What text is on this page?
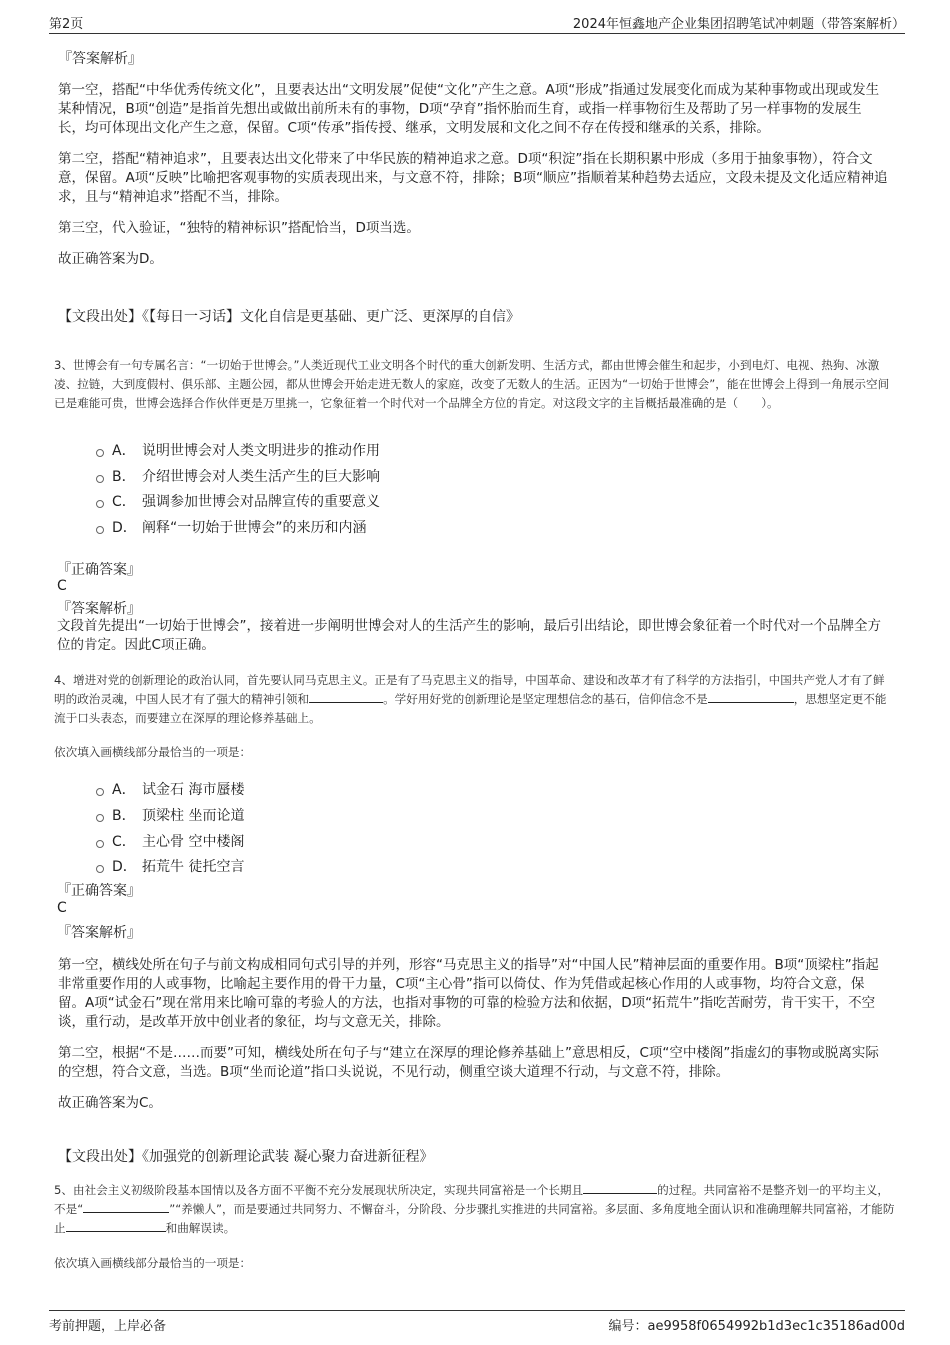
第2页	2024年恒鑫地产企业集团招聘笔试冲刺题（带答案解析）
『答案解析』

第一空，搭配“中华优秀传统文化”，且要表达出“文明发展”促使“文化”产生之意。A项“形成”指通过发展变化而成为某种事物或出现或发生某种情况，B项“创造”是指首先想出或做出前所未有的事物，D项“孕育”指怀胎而生育，或指一样事物衍生及帮助了另一样事物的发展生长，均可体现出文化产生之意，保留。C项“传承”指传授、继承，文明发展和文化之间不存在传授和继承的关系，排除。

第二空，搭配“精神追求”，且要表达出文化带来了中华民族的精神追求之意。D项“积淀”指在长期积累中形成（多用于抽象事物），符合文意，保留。A项“反映”比喻把客观事物的实质表现出来，与文意不符，排除；B项“顺应”指顺着某种趋势去适应，文段未提及文化适应精神追求，且与“精神追求”搭配不当，排除。

第三空，代入验证，“独特的精神标识”搭配恰当，D项当选。

故正确答案为D。

【文段出处】《【每日一习话】文化自信是更基础、更广泛、更深厚的自信》
3、世博会有一句专属名言：“一切始于世博会。”人类近现代工业文明各个时代的重大创新发明、生活方式，都由世博会催生和起步，小到电灯、电视、热狗、冰激凌、拉链，大到度假村、俱乐部、主题公园，都从世博会开始走进无数人的家庭，改变了无数人的生活。正因为“一切始于世博会”，能在世博会上得到一角展示空间已是难能可贵，世博会选择合作伙伴更是万里挑一，它象征着一个时代对一个品牌全方位的肯定。对这段文字的主旨概括最准确的是（　　）。
A． 说明世博会对人类文明进步的推动作用
B． 介绍世博会对人类生活产生的巨大影响
C． 强调参加世博会对品牌宣传的重要意义
D． 阐释“一切始于世博会”的来历和内涵
『正确答案』
C
『答案解析』
文段首先提出“一切始于世博会”，接着进一步阐明世博会对人的生活产生的影响，最后引出结论，即世博会象征着一个时代对一个品牌全方位的肯定。因此C项正确。
4、增进对党的创新理论的政治认同，首先要认同马克思主义。正是有了马克思主义的指导，中国革命、建设和改革才有了科学的方法指引，中国共产党人才有了鲜明的政治灵魂，中国人民才有了强大的精神引领和	。学好用好党的创新理论是坚定理想信念的基石，信仰信念不是	，思想坚定更不能流于口头表态，而要建立在深厚的理论修养基础上。
依次填入画横线部分最恰当的一项是：
A． 试金石 海市蜃楼
B． 顶梁柱 坐而论道
C． 主心骨 空中楼阁
D． 拓荒牛 徒托空言
『正确答案』
C
『答案解析』

第一空，横线处所在句子与前文构成相同句式引导的并列，形容“马克思主义的指导”对“中国人民”精神层面的重要作用。B项“顶梁柱”指起非常重要作用的人或事物，比喻起主要作用的骨干力量，C项“主心骨”指可以倚仗、作为凭借或起核心作用的人或事物，均符合文意，保留。A项“试金石”现在常用来比喻可靠的考验人的方法，也指对事物的可靠的检验方法和依据，D项“拓荒牛”指吃苦耐劳，肯干实干，不空谈，重行动，是改革开放中创业者的象征，均与文意无关，排除。

第二空，根据“不是……而要”可知，横线处所在句子与“建立在深厚的理论修养基础上”意思相反，C项“空中楼阁”指虚幻的事物或脱离实际的空想，符合文意，当选。B项“坐而论道”指口头说说，不见行动，侧重空谈大道理不行动，与文意不符，排除。

故正确答案为C。

【文段出处】《加强党的创新理论武装 凝心聚力奋进新征程》
5、由社会主义初级阶段基本国情以及各方面不平衡不充分发展现状所决定，实现共同富裕是一个长期且	的过程。共同富裕不是整齐划一的平均主义，不是“	”“养懒人”，而是要通过共同努力、不懈奋斗，分阶段、分步骤扎实推进的共同富裕。多层面、多角度地全面认识和准确理解共同富裕，才能防止	和曲解误读。
依次填入画横线部分最恰当的一项是：
考前押题，上岸必备	编号：ae9958f0654992b1d3ec1c35186ad00d
